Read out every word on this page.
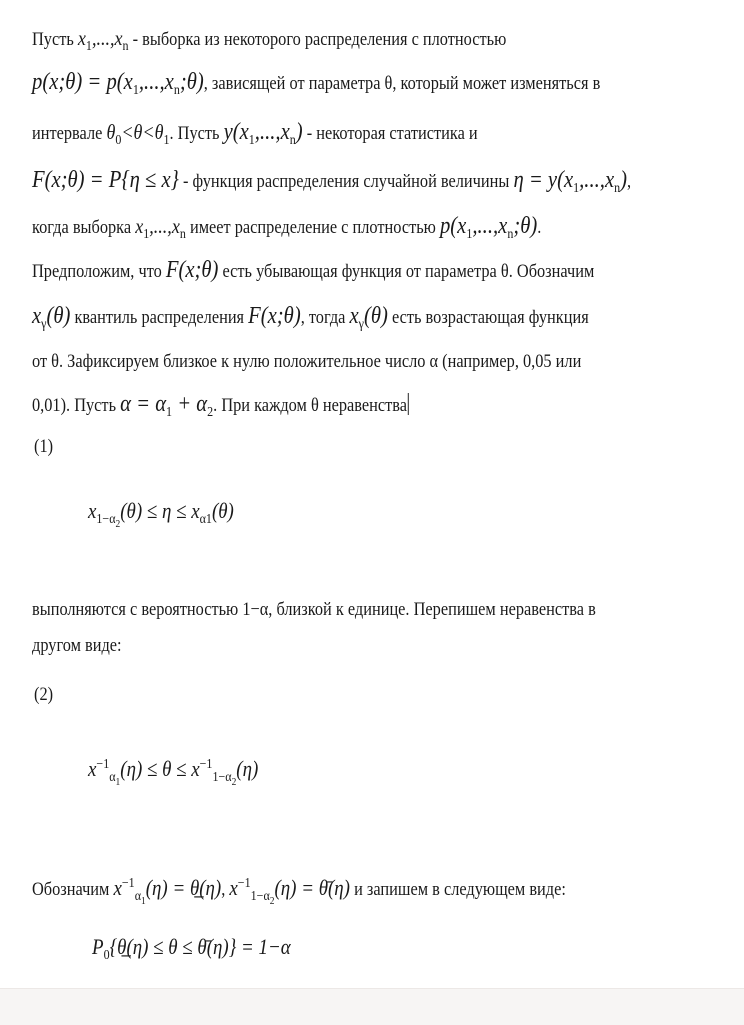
Пусть $x_1,...,x_n$ - выборка из некоторого распределения с плотностью
p(x;θ) = $p(x_1,...,x_n;\theta)$, зависящей от параметра θ, который может изменяться в
интервале $\theta_0<\theta<\theta_1$. Пусть $y(x_1,...,x_n)$ - некоторая статистика и
F(x;θ) = P{η ≤ x} - функция распределения случайной величины $\eta = y(x_1,...,x_n)$,
когда выборка $x_1,...,x_n$ имеет распределение с плотностью $p(x_1,...,x_n;\theta)$.
Предположим, что F(x;θ) есть убывающая функция от параметра θ. Обозначим
$x_\gamma(\theta)$ квантиль распределения F(x;θ), тогда $x_\gamma(\theta)$ есть возрастающая функция
от θ. Зафиксируем близкое к нулю положительное число α (например, 0,05 или
0,01). Пусть $\alpha = \alpha_1 + \alpha_2$. При каждом θ неравенства
(1)
$x_{1-\alpha 2}(\theta) \le \eta \le x_{\alpha 1}(\theta)$
выполняются с вероятностью 1−α, близкой к единице. Перепишем неравенства в
другом виде:
(2)
$x^{-1}_{\alpha 1}(\eta) \le \theta \le x^{-1}_{1-\alpha 2}(\eta)$
Обозначим $x^{-1}_{\alpha 1}(\eta)$ = θ̲(η), $x^{-1}_{1-\alpha 2}(\eta)$ = θ̄(η) и запишем в следующем виде:
$P_0\{\theta̲(\eta) \le \theta$ ≤ θ̄(η)} = 1−α
